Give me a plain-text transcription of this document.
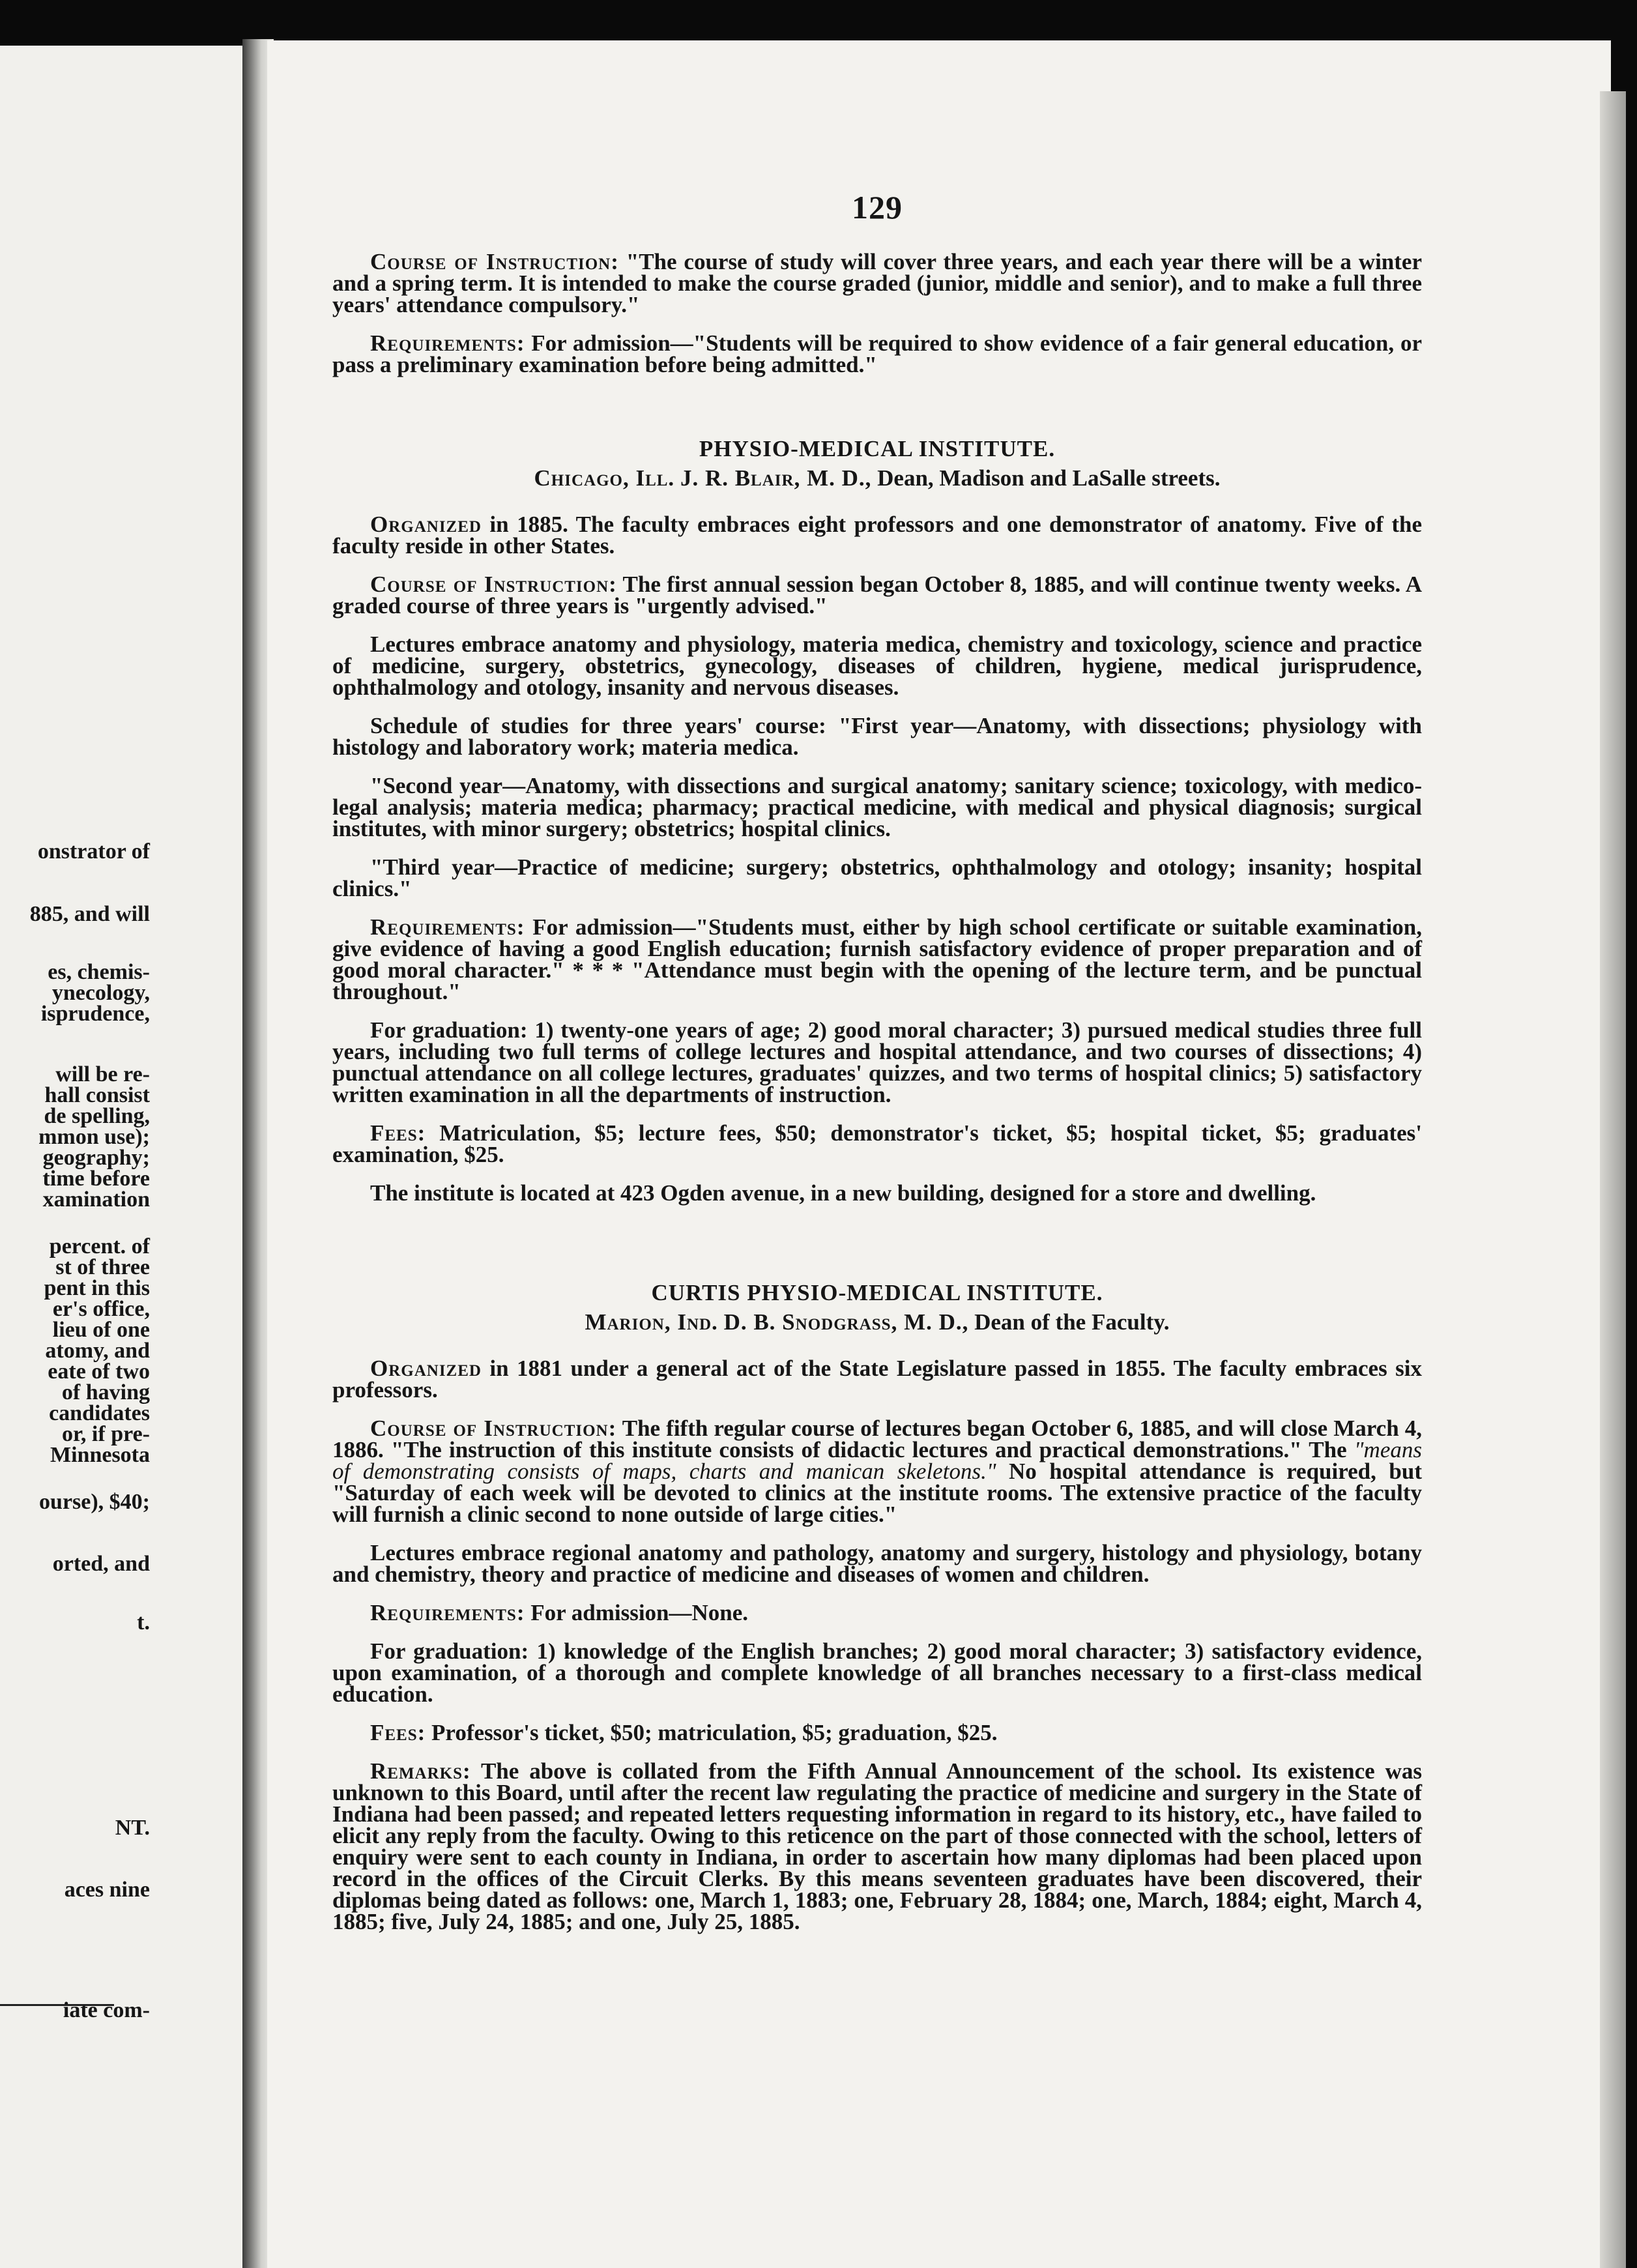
onstrator of
885, and will
es, chemis-
ynecology,
isprudence,
will be re-
hall consist
de spelling,
mmon use);
geography;
time before
xamination
percent. of
st of three
pent in this
er's office,
lieu of one
atomy, and
eate of two
of having
candidates
or, if pre-
Minnesota
ourse), $40;
orted, and
t.
NT.
aces nine
iate com-
129

Course of Instruction: "The course of study will cover three years, and each year there will be a winter and a spring term. It is intended to make the course graded (junior, middle and senior), and to make a full three years' attendance compulsory."

Requirements: For admission—"Students will be required to show evidence of a fair general education, or pass a preliminary examination before being admitted."

PHYSIO-MEDICAL INSTITUTE.
Chicago, Ill. J. R. Blair, M. D., Dean, Madison and LaSalle streets.

Organized in 1885. The faculty embraces eight professors and one demonstrator of anatomy. Five of the faculty reside in other States.

Course of Instruction: The first annual session began October 8, 1885, and will continue twenty weeks. A graded course of three years is "urgently advised."

Lectures embrace anatomy and physiology, materia medica, chemistry and toxicology, science and practice of medicine, surgery, obstetrics, gynecology, diseases of children, hygiene, medical jurisprudence, ophthalmology and otology, insanity and nervous diseases.

Schedule of studies for three years' course: "First year—Anatomy, with dissections; physiology with histology and laboratory work; materia medica.

"Second year—Anatomy, with dissections and surgical anatomy; sanitary science; toxicology, with medico-legal analysis; materia medica; pharmacy; practical medicine, with medical and physical diagnosis; surgical institutes, with minor surgery; obstetrics; hospital clinics.

"Third year—Practice of medicine; surgery; obstetrics, ophthalmology and otology; insanity; hospital clinics."

Requirements: For admission—"Students must, either by high school certificate or suitable examination, give evidence of having a good English education; furnish satisfactory evidence of proper preparation and of good moral character." * * * "Attendance must begin with the opening of the lecture term, and be punctual throughout."

For graduation: 1) twenty-one years of age; 2) good moral character; 3) pursued medical studies three full years, including two full terms of college lectures and hospital attendance, and two courses of dissections; 4) punctual attendance on all college lectures, graduates' quizzes, and two terms of hospital clinics; 5) satisfactory written examination in all the departments of instruction.

Fees: Matriculation, $5; lecture fees, $50; demonstrator's ticket, $5; hospital ticket, $5; graduates' examination, $25.

The institute is located at 423 Ogden avenue, in a new building, designed for a store and dwelling.

CURTIS PHYSIO-MEDICAL INSTITUTE.
Marion, Ind. D. B. Snodgrass, M. D., Dean of the Faculty.

Organized in 1881 under a general act of the State Legislature passed in 1855. The faculty embraces six professors.

Course of Instruction: The fifth regular course of lectures began October 6, 1885, and will close March 4, 1886. "The instruction of this institute consists of didactic lectures and practical demonstrations." The "means of demonstrating consists of maps, charts and manican skeletons." No hospital attendance is required, but "Saturday of each week will be devoted to clinics at the institute rooms. The extensive practice of the faculty will furnish a clinic second to none outside of large cities."

Lectures embrace regional anatomy and pathology, anatomy and surgery, histology and physiology, botany and chemistry, theory and practice of medicine and diseases of women and children.

Requirements: For admission—None.

For graduation: 1) knowledge of the English branches; 2) good moral character; 3) satisfactory evidence, upon examination, of a thorough and complete knowledge of all branches necessary to a first-class medical education.

Fees: Professor's ticket, $50; matriculation, $5; graduation, $25.

Remarks: The above is collated from the Fifth Annual Announcement of the school. Its existence was unknown to this Board, until after the recent law regulating the practice of medicine and surgery in the State of Indiana had been passed; and repeated letters requesting information in regard to its history, etc., have failed to elicit any reply from the faculty. Owing to this reticence on the part of those connected with the school, letters of enquiry were sent to each county in Indiana, in order to ascertain how many diplomas had been placed upon record in the offices of the Circuit Clerks. By this means seventeen graduates have been discovered, their diplomas being dated as follows: one, March 1, 1883; one, February 28, 1884; one, March, 1884; eight, March 4, 1885; five, July 24, 1885; and one, July 25, 1885.
